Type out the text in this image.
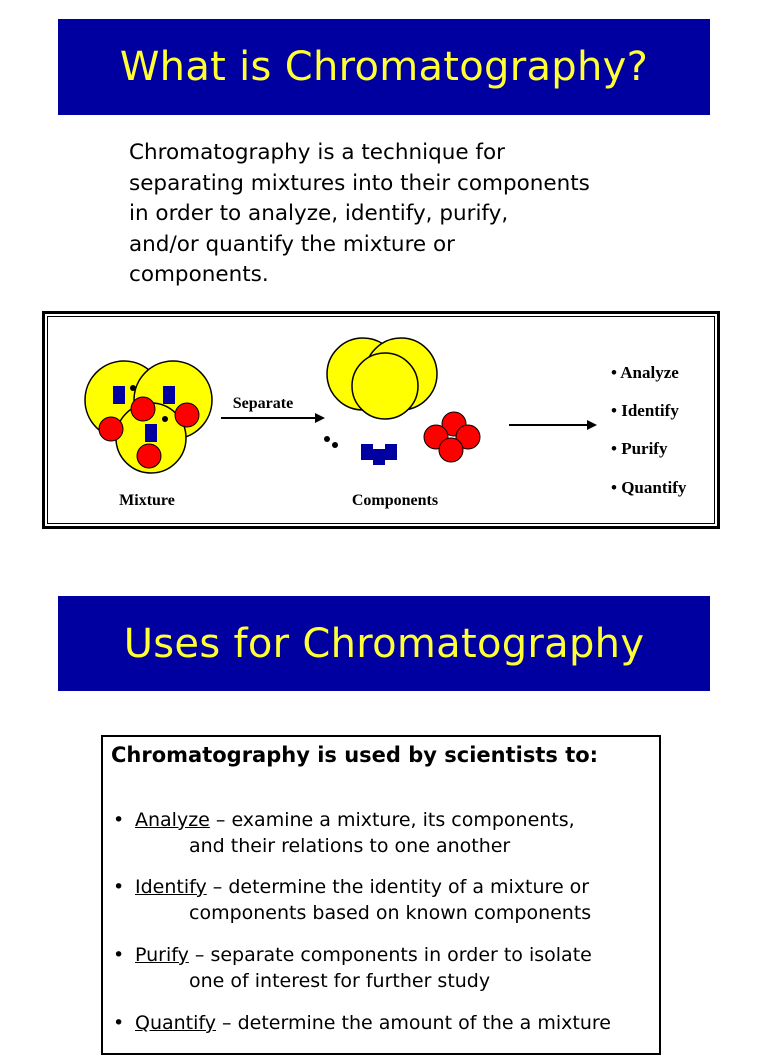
What is Chromatography?
Chromatography is a technique for
separating mixtures into their components
in order to analyze, identify, purify,
and/or quantify the mixture or
components.
Mixture
Separate
Components
• Analyze
• Identify
• Purify
• Quantify
Uses for Chromatography
Chromatography is used by scientists to:
• Analyze – examine a mixture, its components,
and their relations to one another
• Identify – determine the identity of a mixture or
components based on known components
• Purify – separate components in order to isolate
one of interest for further study
• Quantify – determine the amount of the a mixture
